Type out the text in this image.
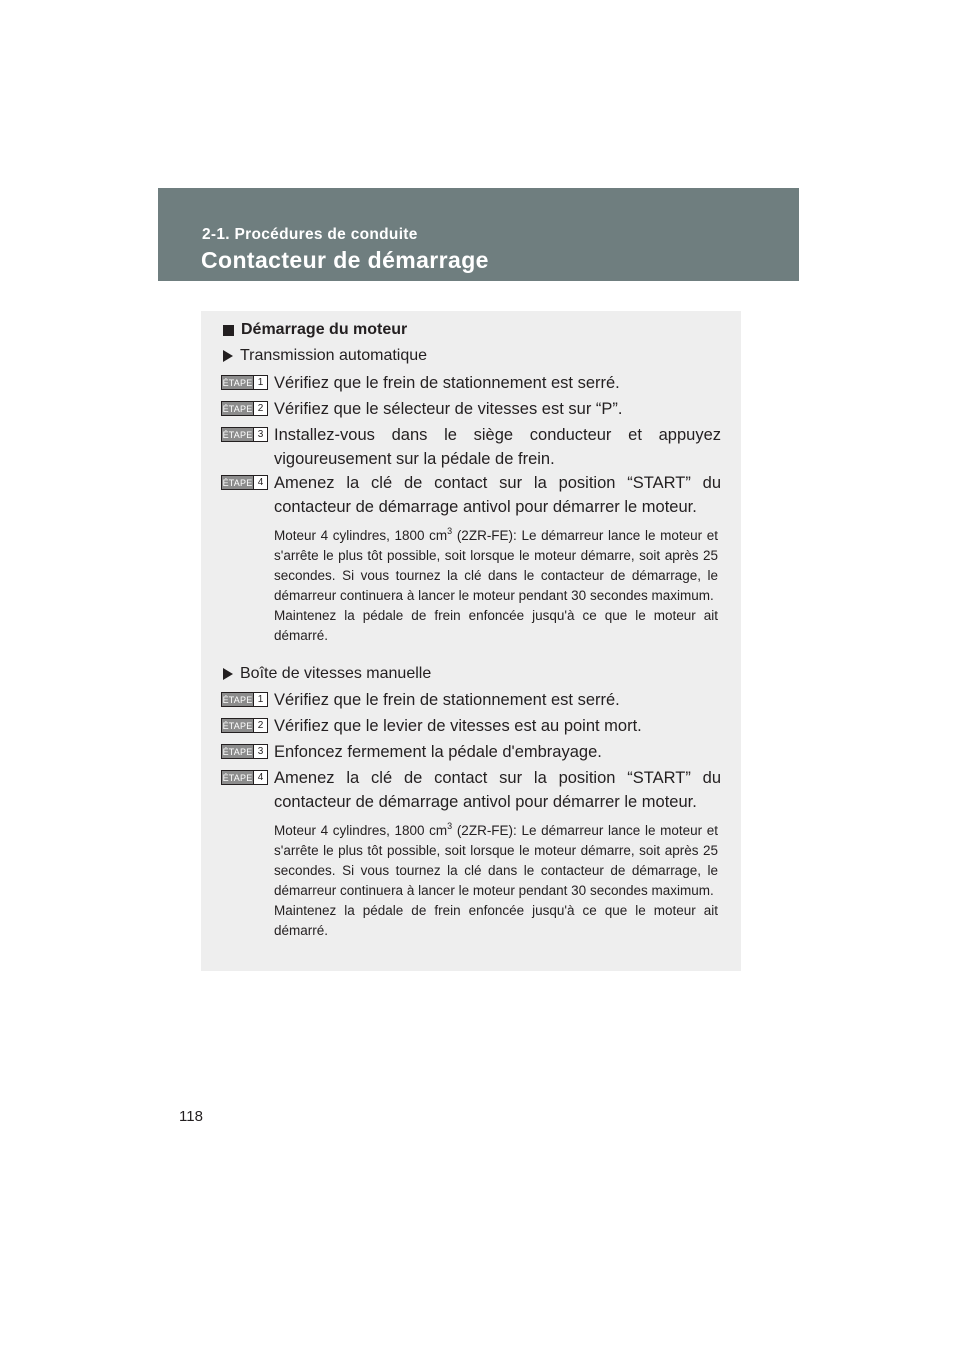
2-1. Procédures de conduite
Contacteur de démarrage
Démarrage du moteur
Transmission automatique
ÉTAPE 1 Vérifiez que le frein de stationnement est serré.
ÉTAPE 2 Vérifiez que le sélecteur de vitesses est sur “P”.
ÉTAPE 3 Installez-vous dans le siège conducteur et appuyez vigoureusement sur la pédale de frein.
ÉTAPE 4 Amenez la clé de contact sur la position “START” du contacteur de démarrage antivol pour démarrer le moteur.

Moteur 4 cylindres, 1800 $cm^3$ (2ZR-FE): Le démarreur lance le moteur et s'arrête le plus tôt possible, soit lorsque le moteur démarre, soit après 25 secondes. Si vous tournez la clé dans le contacteur de démarrage, le démarreur continuera à lancer le moteur pendant 30 secondes maximum.

Maintenez la pédale de frein enfoncée jusqu'à ce que le moteur ait démarré.

Boîte de vitesses manuelle
ÉTAPE 1 Vérifiez que le frein de stationnement est serré.
ÉTAPE 2 Vérifiez que le levier de vitesses est au point mort.
ÉTAPE 3 Enfoncez fermement la pédale d'embrayage.
ÉTAPE 4 Amenez la clé de contact sur la position “START” du contacteur de démarrage antivol pour démarrer le moteur.

Moteur 4 cylindres, 1800 $cm^3$ (2ZR-FE): Le démarreur lance le moteur et s'arrête le plus tôt possible, soit lorsque le moteur démarre, soit après 25 secondes. Si vous tournez la clé dans le contacteur de démarrage, le démarreur continuera à lancer le moteur pendant 30 secondes maximum.

Maintenez la pédale de frein enfoncée jusqu'à ce que le moteur ait démarré.

118
